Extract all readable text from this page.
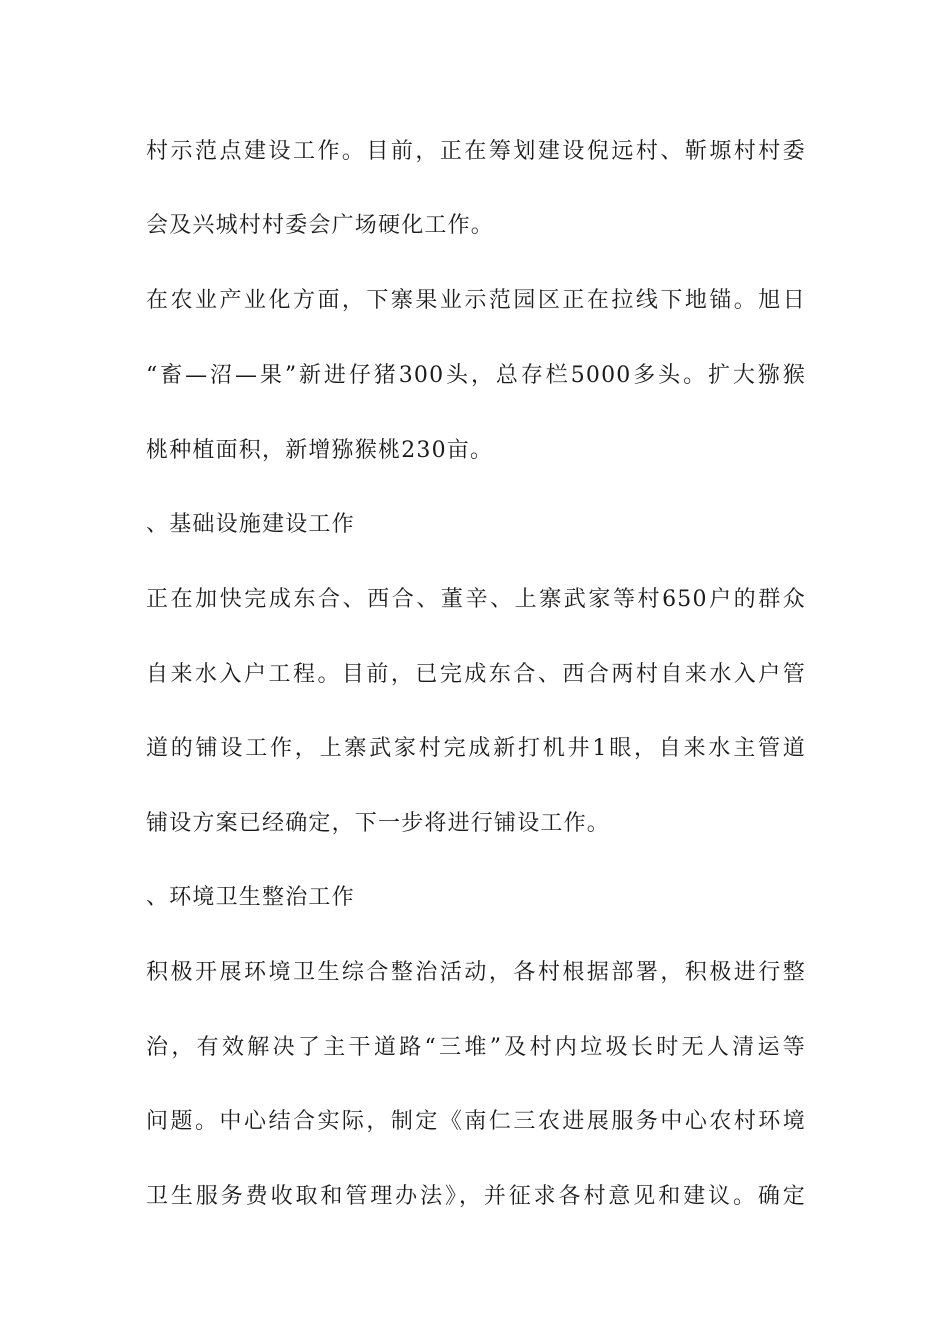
村示范点建设工作。目前，正在筹划建设倪远村、靳塬村村委
会及兴城村村委会广场硬化工作。
在农业产业化方面，下寨果业示范园区正在拉线下地锚。旭日
“畜—沼—果”新进仔猪300头，总存栏5000多头。扩大猕猴
桃种植面积，新增猕猴桃230亩。
、基础设施建设工作
正在加快完成东合、西合、董辛、上寨武家等村650户的群众
自来水入户工程。目前，已完成东合、西合两村自来水入户管
道的铺设工作，上寨武家村完成新打机井1眼，自来水主管道
铺设方案已经确定，下一步将进行铺设工作。
、环境卫生整治工作
积极开展环境卫生综合整治活动，各村根据部署，积极进行整
治，有效解决了主干道路“三堆”及村内垃圾长时无人清运等
问题。中心结合实际，制定《南仁三农进展服务中心农村环境
卫生服务费收取和管理办法》，并征求各村意见和建议。确定
